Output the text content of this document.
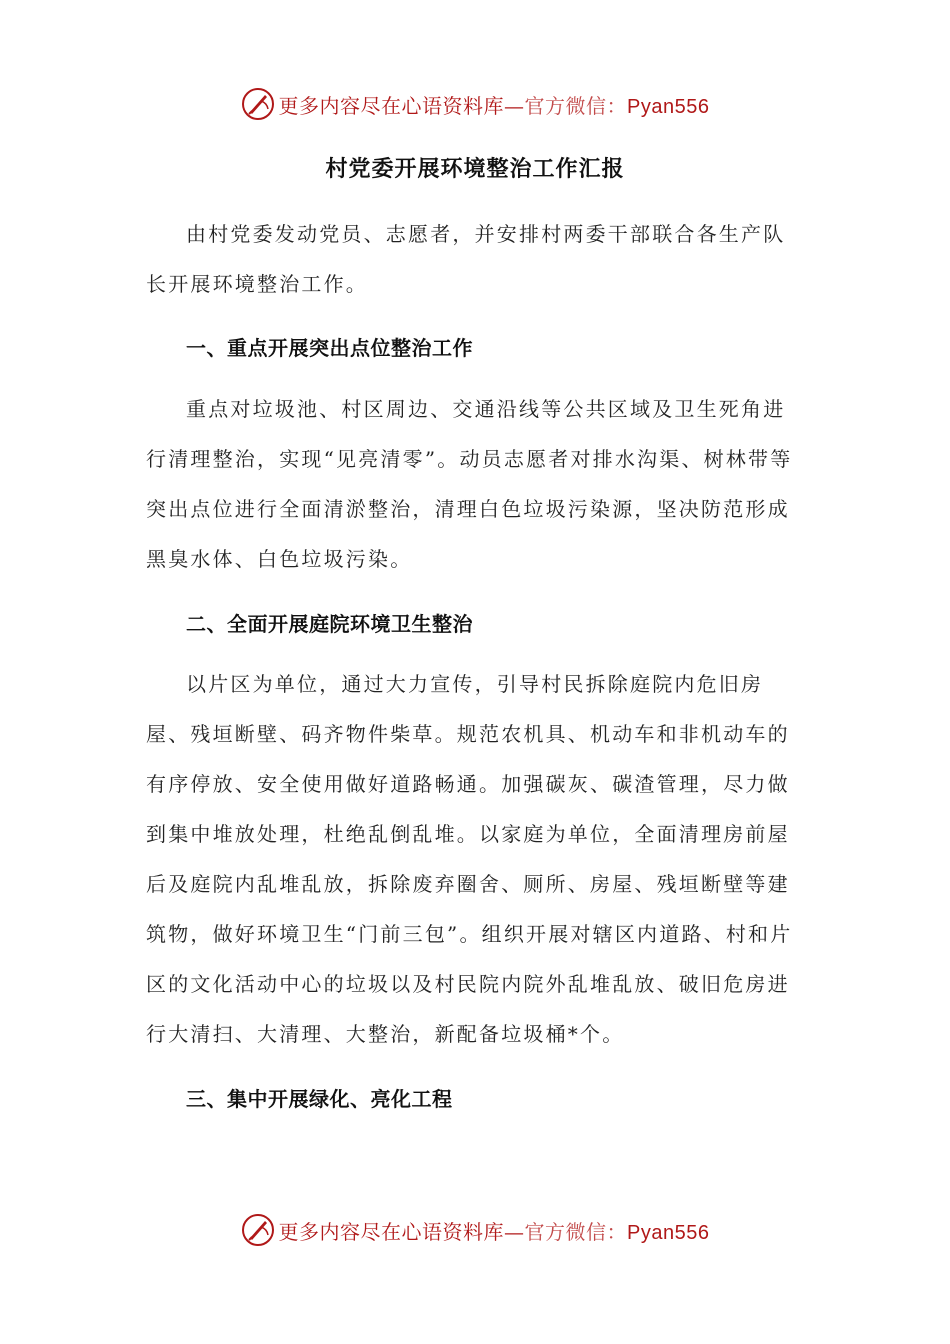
更多内容尽在心语资料库—官方微信：Pyan556
村党委开展环境整治工作汇报

由村党委发动党员、志愿者，并安排村两委干部联合各生产队长开展环境整治工作。

一、重点开展突出点位整治工作

重点对垃圾池、村区周边、交通沿线等公共区域及卫生死角进行清理整治，实现“见亮清零”。动员志愿者对排水沟渠、树林带等突出点位进行全面清淤整治，清理白色垃圾污染源，坚决防范形成黑臭水体、白色垃圾污染。

二、全面开展庭院环境卫生整治

以片区为单位，通过大力宣传，引导村民拆除庭院内危旧房屋、残垣断壁、码齐物件柴草。规范农机具、机动车和非机动车的有序停放、安全使用做好道路畅通。加强碳灰、碳渣管理，尽力做到集中堆放处理，杜绝乱倒乱堆。以家庭为单位，全面清理房前屋后及庭院内乱堆乱放，拆除废弃圈舍、厕所、房屋、残垣断壁等建筑物，做好环境卫生“门前三包”。组织开展对辖区内道路、村和片区的文化活动中心的垃圾以及村民院内院外乱堆乱放、破旧危房进行大清扫、大清理、大整治，新配备垃圾桶*个。

三、集中开展绿化、亮化工程
更多内容尽在心语资料库—官方微信：Pyan556
